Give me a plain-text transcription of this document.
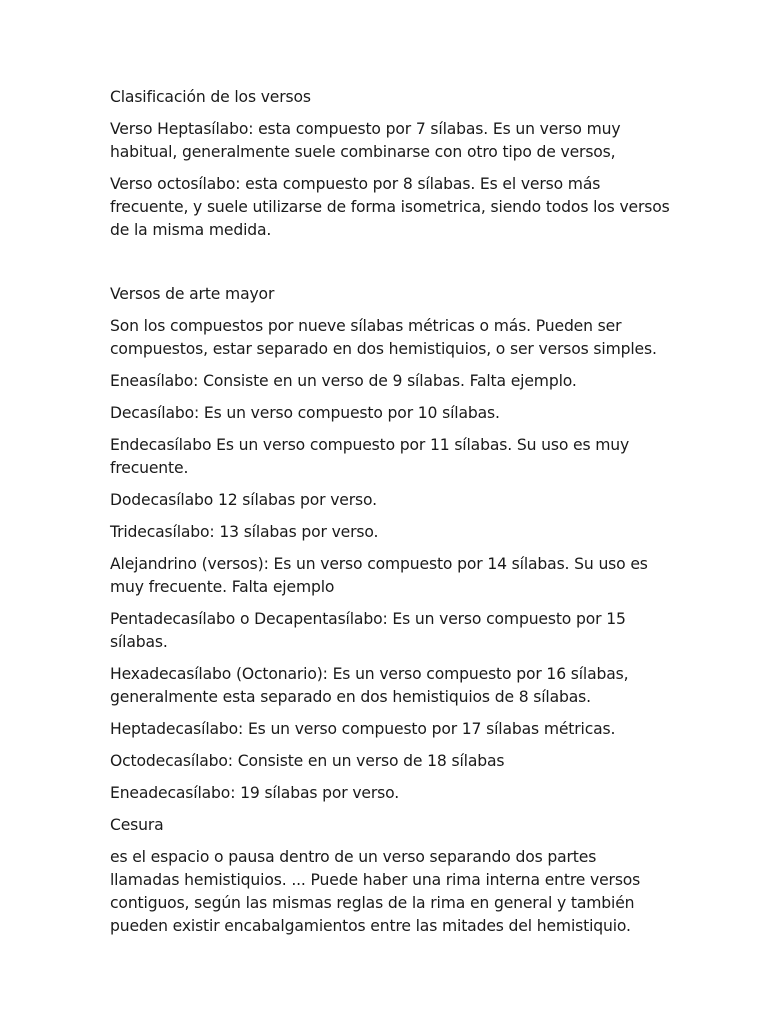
Clasificación de los versos

Verso Heptasílabo: esta compuesto por 7 sílabas. Es un verso muy habitual, generalmente suele combinarse con otro tipo de versos,

Verso octosílabo: esta compuesto por 8 sílabas. Es el verso más frecuente, y suele utilizarse de forma isometrica, siendo todos los versos de la misma medida.

Versos de arte mayor

Son los compuestos por nueve sílabas métricas o más. Pueden ser compuestos, estar separado en dos hemistiquios, o ser versos simples.

Eneasílabo: Consiste en un verso de 9 sílabas. Falta ejemplo.

Decasílabo: Es un verso compuesto por 10 sílabas.

Endecasílabo Es un verso compuesto por 11 sílabas. Su uso es muy frecuente.

Dodecasílabo 12 sílabas por verso.

Tridecasílabo: 13 sílabas por verso.

Alejandrino (versos): Es un verso compuesto por 14 sílabas. Su uso es muy frecuente. Falta ejemplo

Pentadecasílabo o Decapentasílabo: Es un verso compuesto por 15 sílabas.

Hexadecasílabo (Octonario): Es un verso compuesto por 16 sílabas, generalmente esta separado en dos hemistiquios de 8 sílabas.

Heptadecasílabo: Es un verso compuesto por 17 sílabas métricas.

Octodecasílabo: Consiste en un verso de 18 sílabas

Eneadecasílabo: 19 sílabas por verso.

Cesura

es el espacio o pausa dentro de un verso separando dos partes llamadas hemistiquios. ... Puede haber una rima interna entre versos contiguos, según las mismas reglas de la rima en general y también pueden existir encabalgamientos entre las mitades del hemistiquio.
